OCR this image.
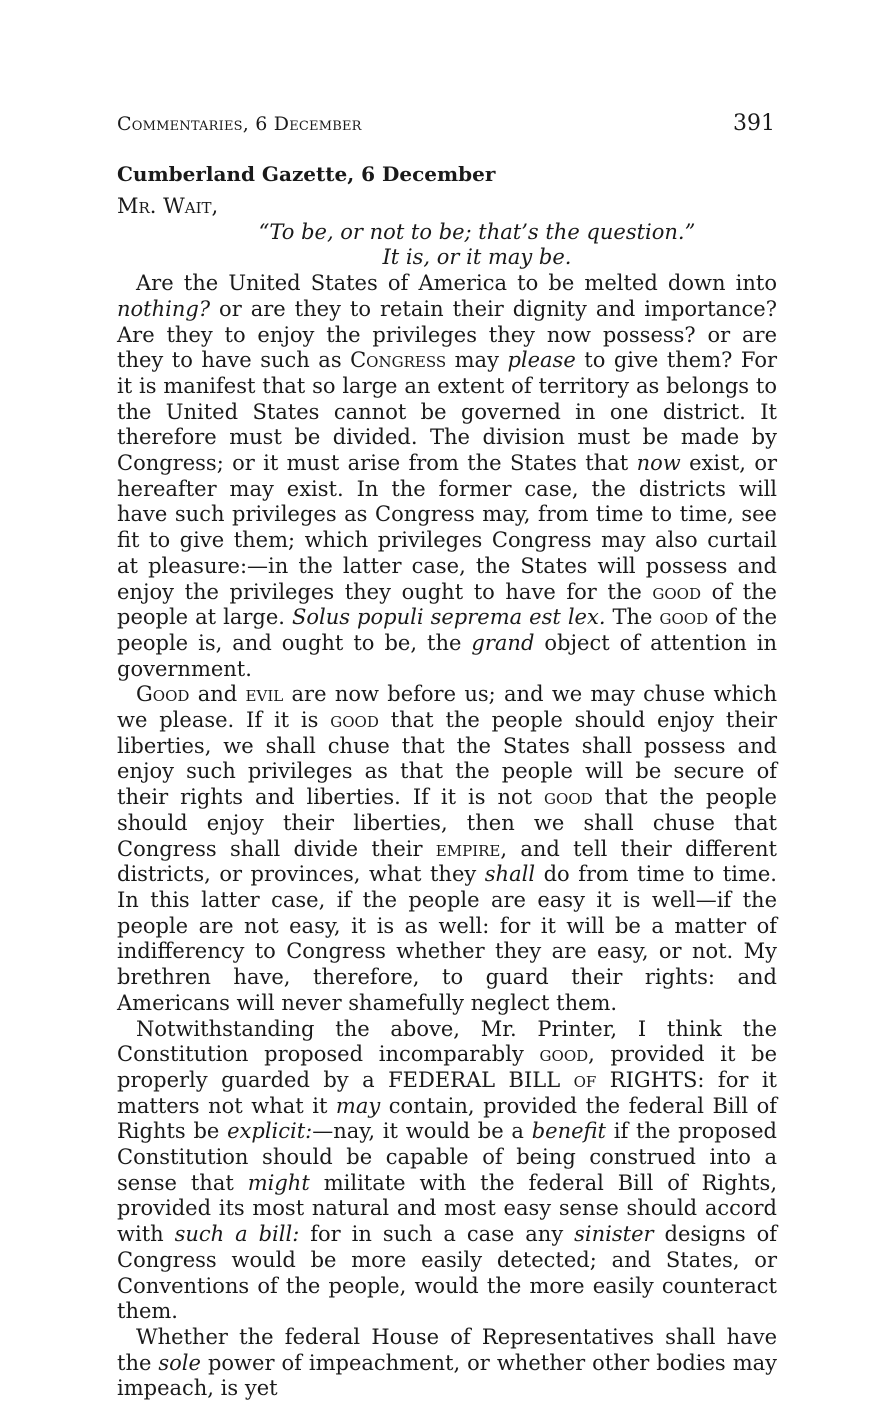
Commentaries, 6 December	391
Cumberland Gazette, 6 December

Mr. Wait,

“To be, or not to be; that’s the question.”

It is, or it may be.

Are the United States of America to be melted down into nothing? or are they to retain their dignity and importance? Are they to enjoy the privileges they now possess? or are they to have such as Congress may please to give them? For it is manifest that so large an extent of territory as belongs to the United States cannot be governed in one district. It therefore must be divided. The division must be made by Congress; or it must arise from the States that now exist, or hereafter may exist. In the former case, the districts will have such privileges as Congress may, from time to time, see fit to give them; which privileges Congress may also curtail at pleasure:—in the latter case, the States will possess and enjoy the privileges they ought to have for the good of the people at large. Solus populi seprema est lex. The good of the people is, and ought to be, the grand object of attention in government.

Good and evil are now before us; and we may chuse which we please. If it is good that the people should enjoy their liberties, we shall chuse that the States shall possess and enjoy such privileges as that the people will be secure of their rights and liberties. If it is not good that the people should enjoy their liberties, then we shall chuse that Congress shall divide their empire, and tell their different districts, or provinces, what they shall do from time to time. In this latter case, if the people are easy it is well—if the people are not easy, it is as well: for it will be a matter of indifferency to Congress whether they are easy, or not. My brethren have, therefore, to guard their rights: and Americans will never shamefully neglect them.

Notwithstanding the above, Mr. Printer, I think the Constitution proposed incomparably good, provided it be properly guarded by a FEDERAL BILL of RIGHTS: for it matters not what it may contain, provided the federal Bill of Rights be explicit:—nay, it would be a benefit if the proposed Constitution should be capable of being construed into a sense that might militate with the federal Bill of Rights, provided its most natural and most easy sense should accord with such a bill: for in such a case any sinister designs of Congress would be more easily detected; and States, or Conventions of the people, would the more easily counteract them.

Whether the federal House of Representatives shall have the sole power of impeachment, or whether other bodies may impeach, is yet
